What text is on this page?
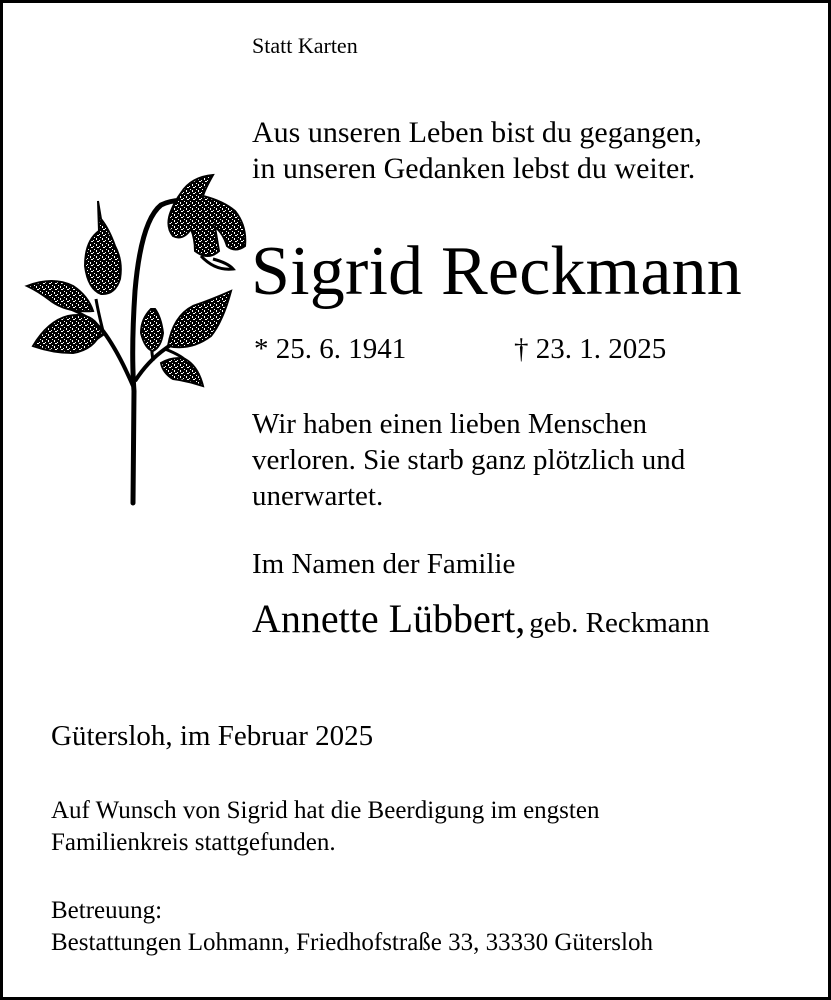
Statt Karten
Aus unseren Leben bist du gegangen,
in unseren Gedanken lebst du weiter.
Sigrid Reckmann
* 25. 6. 1941	† 23. 1. 2025
Wir haben einen lieben Menschen
verloren. Sie starb ganz plötzlich und
unerwartet.
Im Namen der Familie
Annette Lübbert, geb. Reckmann
Gütersloh, im Februar 2025
Auf Wunsch von Sigrid hat die Beerdigung im engsten
Familienkreis stattgefunden.
Betreuung:
Bestattungen Lohmann, Friedhofstraße 33, 33330 Gütersloh
